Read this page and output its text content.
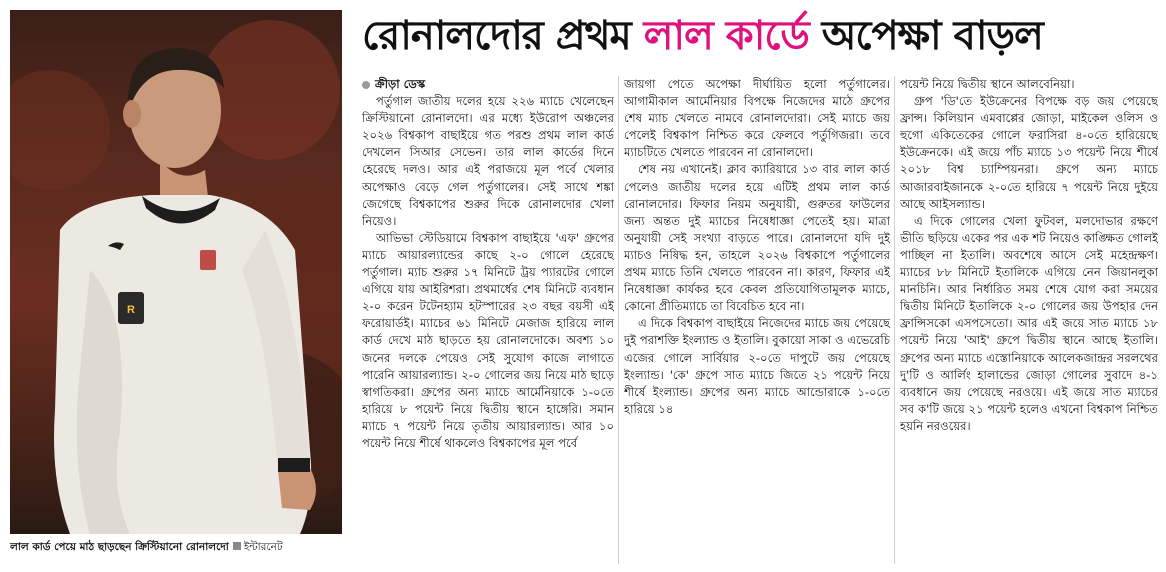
R
লাল কার্ড পেয়ে মাঠ ছাড়ছেন ক্রিস্টিয়ানো রোনালদো ইন্টারনেট
রোনালদোর প্রথম লাল কার্ডে অপেক্ষা বাড়ল
ক্রীড়া ডেস্ক

পর্তুগাল জাতীয় দলের হয়ে ২২৬ ম্যাচে খেলেছেন ক্রিস্টিয়ানো রোনালদো। এর মধ্যে ইউরোপ অঞ্চলের ২০২৬ বিশ্বকাপ বাছাইয়ে গত পরশু প্রথম লাল কার্ড দেখলেন সিআর সেভেন। তার লাল কার্ডের দিনে হেরেছে দলও। আর এই পরাজয়ে মূল পর্বে খেলার অপেক্ষাও বেড়ে গেল পর্তুগালের। সেই সাথে শঙ্কা জেগেছে বিশ্বকাপের শুরুর দিকে রোনালদোর খেলা নিয়েও।

আভিভা স্টেডিয়ামে বিশ্বকাপ বাছাইয়ে 'এফ' গ্রুপের ম্যাচে আয়ারল্যান্ডের কাছে ২-০ গোলে হেরেছে পর্তুগাল। ম্যাচ শুরুর ১৭ মিনিটে ট্রয় প্যারটের গোলে এগিয়ে যায় আইরিশরা। প্রথমার্ধের শেষ মিনিটে ব্যবধান ২-০ করেন টটেনহ্যাম হটস্পারের ২৩ বছর বয়সী এই ফরোয়ার্ডই। ম্যাচের ৬১ মিনিটে মেজাজ হারিয়ে লাল কার্ড দেখে মাঠ ছাড়তে হয় রোনালদোকে। অবশ্য ১০ জনের দলকে পেয়েও সেই সুযোগ কাজে লাগাতে পারেনি আয়ারল্যান্ড। ২-০ গোলের জয় নিয়ে মাঠ ছাড়ে স্বাগতিকরা। গ্রুপের অন্য ম্যাচে আর্মেনিয়াকে ১-০তে হারিয়ে ৮ পয়েন্ট নিয়ে দ্বিতীয় স্থানে হাঙ্গেরি। সমান ম্যাচে ৭ পয়েন্ট নিয়ে তৃতীয় আয়ারল্যান্ড। আর ১০ পয়েন্ট নিয়ে শীর্ষে থাকলেও বিশ্বকাপের মূল পর্বে

জায়গা পেতে অপেক্ষা দীর্ঘায়িত হলো পর্তুগালের। আগামীকাল আর্মেনিয়ার বিপক্ষে নিজেদের মাঠে গ্রুপের শেষ ম্যাচ খেলতে নামবে রোনালদোরা। সেই ম্যাচে জয় পেলেই বিশ্বকাপ নিশ্চিত করে ফেলবে পর্তুগিজরা। তবে ম্যাচটিতে খেলতে পারবেন না রোনালদো।

শেষ নয় এখানেই। ক্লাব ক্যারিয়ারে ১৩ বার লাল কার্ড পেলেও জাতীয় দলের হয়ে এটিই প্রথম লাল কার্ড রোনালদোর। ফিফার নিয়ম অনুযায়ী, গুরুতর ফাউলের জন্য অন্তত দুই ম্যাচের নিষেধাজ্ঞা পেতেই হয়। মাত্রা অনুযায়ী সেই সংখ্যা বাড়তে পারে। রোনালদো যদি দুই ম্যাচও নিষিদ্ধ হন, তাহলে ২০২৬ বিশ্বকাপে পর্তুগালের প্রথম ম্যাচে তিনি খেলতে পারবেন না। কারণ, ফিফার এই নিষেধাজ্ঞা কার্যকর হবে কেবল প্রতিযোগিতামূলক ম্যাচে, কোনো প্রীতিম্যাচে তা বিবেচিত হবে না।

এ দিকে বিশ্বকাপ বাছাইয়ে নিজেদের ম্যাচে জয় পেয়েছে দুই পরাশক্তি ইংল্যান্ড ও ইতালি। বুকায়ো সাকা ও এভেরেচি এজের গোলে সার্বিয়ার ২-০তে দাপুটে জয় পেয়েছে ইংল্যান্ড। 'কে' গ্রুপে সাত ম্যাচে জিতে ২১ পয়েন্ট নিয়ে শীর্ষে ইংল্যান্ড। গ্রুপের অন্য ম্যাচে আন্ডোরাকে ১-০তে হারিয়ে ১৪

পয়েন্ট নিয়ে দ্বিতীয় স্থানে আলবেনিয়া।

গ্রুপ 'ডি'তে ইউক্রেনের বিপক্ষে বড় জয় পেয়েছে ফ্রান্স। কিলিয়ান এমবাপ্পের জোড়া, মাইকেল ওলিস ও হুগো একিতেকের গোলে ফরাসিরা ৪-০তে হারিয়েছে ইউক্রেনকে। এই জয়ে পাঁচ ম্যাচে ১৩ পয়েন্ট নিয়ে শীর্ষে ২০১৮ বিশ্ব চ্যাম্পিয়নরা। গ্রুপে অন্য ম্যাচে আজারবাইজানকে ২-০তে হারিয়ে ৭ পয়েন্ট নিয়ে দুইয়ে আছে আইসল্যান্ড।

এ দিকে গোলের খেলা ফুটবল, মলদোভার রক্ষণে ভীতি ছড়িয়ে একের পর এক শট নিয়েও কাঙ্ক্ষিত গোলই পাচ্ছিল না ইতালি। অবশেষে আসে সেই মহেন্দ্রক্ষণ। ম্যাচের ৮৮ মিনিটে ইতালিকে এগিয়ে নেন জিয়ানলুকা মানচিনি। আর নির্ধারিত সময় শেষে যোগ করা সময়ের দ্বিতীয় মিনিটে ইতালিকে ২-০ গোলের জয় উপহার দেন ফ্রান্সিসকো এসপসেতো। আর এই জয়ে সাত ম্যাচে ১৮ পয়েন্ট নিয়ে 'আই' গ্রুপে দ্বিতীয় স্থানে আছে ইতালি। গ্রুপের অন্য ম্যাচে এস্তোনিয়াকে আলেকজান্দ্রর সরলথের দু'টি ও আর্লিং হালান্ডের জোড়া গোলের সুবাদে ৪-১ ব্যবধানে জয় পেয়েছে নরওয়ে। এই জয়ে সাত ম্যাচের সব ক'টি জয়ে ২১ পয়েন্ট হলেও এখনো বিশ্বকাপ নিশ্চিত হয়নি নরওয়ের।
